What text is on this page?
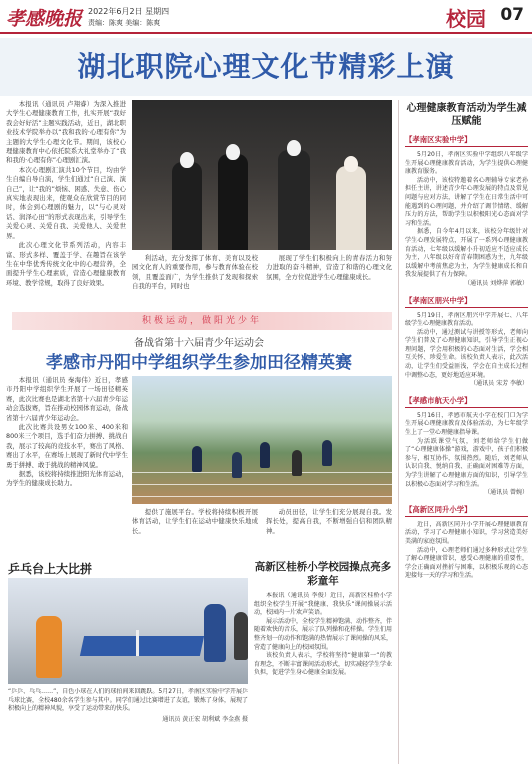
孝感晚报 2022年6月2日 星期四
责编：陈爽 美编：陈爽	校园 07
湖北职院心理文化节精彩上演

本报讯（通讯员 卢翔睿）为深入推进大学生心理健康教育工作，扎实开展“我好我会好好活”主题实践活动，近日，湖北职业技术学院举办以“我和我的·心理有你”为主题的大学生心理文化节。期间，该校心理健康教育中心依托院系大礼堂举办了“我和我的·心理有你”心理剧汇演。

本次心理剧汇演共10个节目，均由学生自编自导自演，学生们通过“自己演、演自己”，让“我的”烦恼、困惑、失意、伤心真实地表现出来，使观众在欣赏节目的同时，体会到心理剧的魅力，以“与心灵对话、润泽心田”的形式表现出来，引导学生关爱心灵、关爱自我、关爱他人、关爱世界。

此次心理文化节系列活动，内容丰富、形式多样、覆盖于学、在趣旨在该学生在中华优秀传统文化中的心理营养，全面提升学生心理素质，营造心理健康教育环境、教学常规，取得了良好效果。

利活动，充分发挥了体育、美育以及校园文化育人的重要作用，参与教育体验在校领，且覆盖面广，为学生推供了发现和探索自我的平台，同时也

展现了学生们积极向上的青春活力和努力进取的奋斗精神，营造了和谐的心理文化氛围，全方位促进学生心理健康成长。

心理健康教育活动为学生减压赋能
【孝南区实验中学】

5月20日，孝南区实验中学组织八年级学生开展心理健康教育活动，为学生提供心理健康教育服务。

活动中，该校特邀着名心理辅导专家老孙担任主讲，讲述青少年心理发展的特点及常见问题与应对方法，讲解了学生在日常生活中可能遇到的心理问题，并介绍了调节情绪、缓解压力的方法，帮助学生以积极阳光心态面对学习和生活。

据悉，自今年4月以来，该校分年级针对学生心理发展特点，开展了一系列心理健康教育活动，七年级以缓解小升初适应不适应成长为主，八年级以好奇青春期困惑为主，九年级以缓解中考前焦虑为主，为学生健康成长和自我发展提供了有力保障。

（通讯员 刘烨萍 郭敏）
【孝南区朋兴中学】

5月19日，孝南区朋兴中学开展七、八年级学生心理健康教育活动。

活动中，通过测试与讲授等形式，老师向学生们普及了心理健康知识，引导学生正视心理问题，学会用积极的心态面对生活，学会相互关怀、珍爱生命。该校负责人表示，此次活动，让学生们受益匪浅，学会在自主成长过程中调整心态，更好地适应环境。

（通讯员 宋芳 李敏）
【孝感市航天小学】

5月16日，孝感市航天小学在校门口为学生开展心理健康教育及体验活动，为七年级学生上了一堂心理健康指导课。

为活跃课堂气氛，刘老师给学生们做了“心理健康体操”游戏，游戏中，孩子们积极参与，相互协作，氛围热烈。随后，刘老师从认识自我、悦纳自我、正确面对困难等方面，为学生讲解了心理健康方面的知识，引导学生以积极心态面对学习和生活。

（通讯员 曾婉）
【高新区同升小学】

近日，高新区同升小学开展心理健康教育活动，学习了心理健康小知识，学习营造美好美满的家庭氛围。

活动中，心理老师们通过多种形式让学生了解心理健康常识，感受心理健康的重要性，学会正确面对挫折与困难，以积极乐观的心态迎接每一天的学习和生活。

积极运动，做阳光少年
备战省第十六届青少年运动会
孝感市丹阳中学组织学生参加田径精英赛

本报讯（通讯员 秦海伟）近日，孝感市丹阳中学组织学生开展了一场田径精英赛，此次比赛也是湖北省第十六届青少年运动会选拔赛，旨在推动校园体育运动，备战省第十六届青少年运动会。

此次比赛共设男女100米、400米和800米三个项目，选手们奋力拼搏、挑战自我，展示了较高的竞技水平，赛出了风格、赛出了水平，在赛场上展现了新时代中学生勇于拼搏、敢于挑战的精神风貌。

据悉，该校将持续推进阳光体育运动，为学生的健康成长助力。

提供了施展平台。学校将持续积极开展体育活动，让学生们在运动中健康快乐地成长。

动员田径，让学生们充分展现自我。发挥长处，提高自我，不断增强自信和团队精神。

乒乓台上大比拼

“乒乒、乓乓……”，自色小球在人们的球拍间来回跳跃。5月27日，孝南区实验中学开展乒乓球比赛，全校480余名学生参与其中。同学们通过比赛增进了友谊，锻炼了身体，展现了积极向上的精神风貌，享受了运动带来的快乐。

通讯员 黄正宏 胡利斌 李金燕 摄
高新区桂桥小学校园操点亮多彩童年

本报讯（通讯员 李俊）近日，高新区桂桥小学组织全校学生开展“我健康、我快乐”课间操展示活动，校园内一片欢声笑语。

展示活动中，全校学生精神饱满、动作整齐，伴随着欢快的音乐，展示了队列操和花样操。学生们用整齐划一的动作和饱满的热情展示了课间操的风采，营造了健康向上的校园氛围。

该校负责人表示，学校将坚持“健康第一”的教育理念，不断丰富课间活动形式，切实减轻学生学业负担，促进学生身心健康全面发展。
